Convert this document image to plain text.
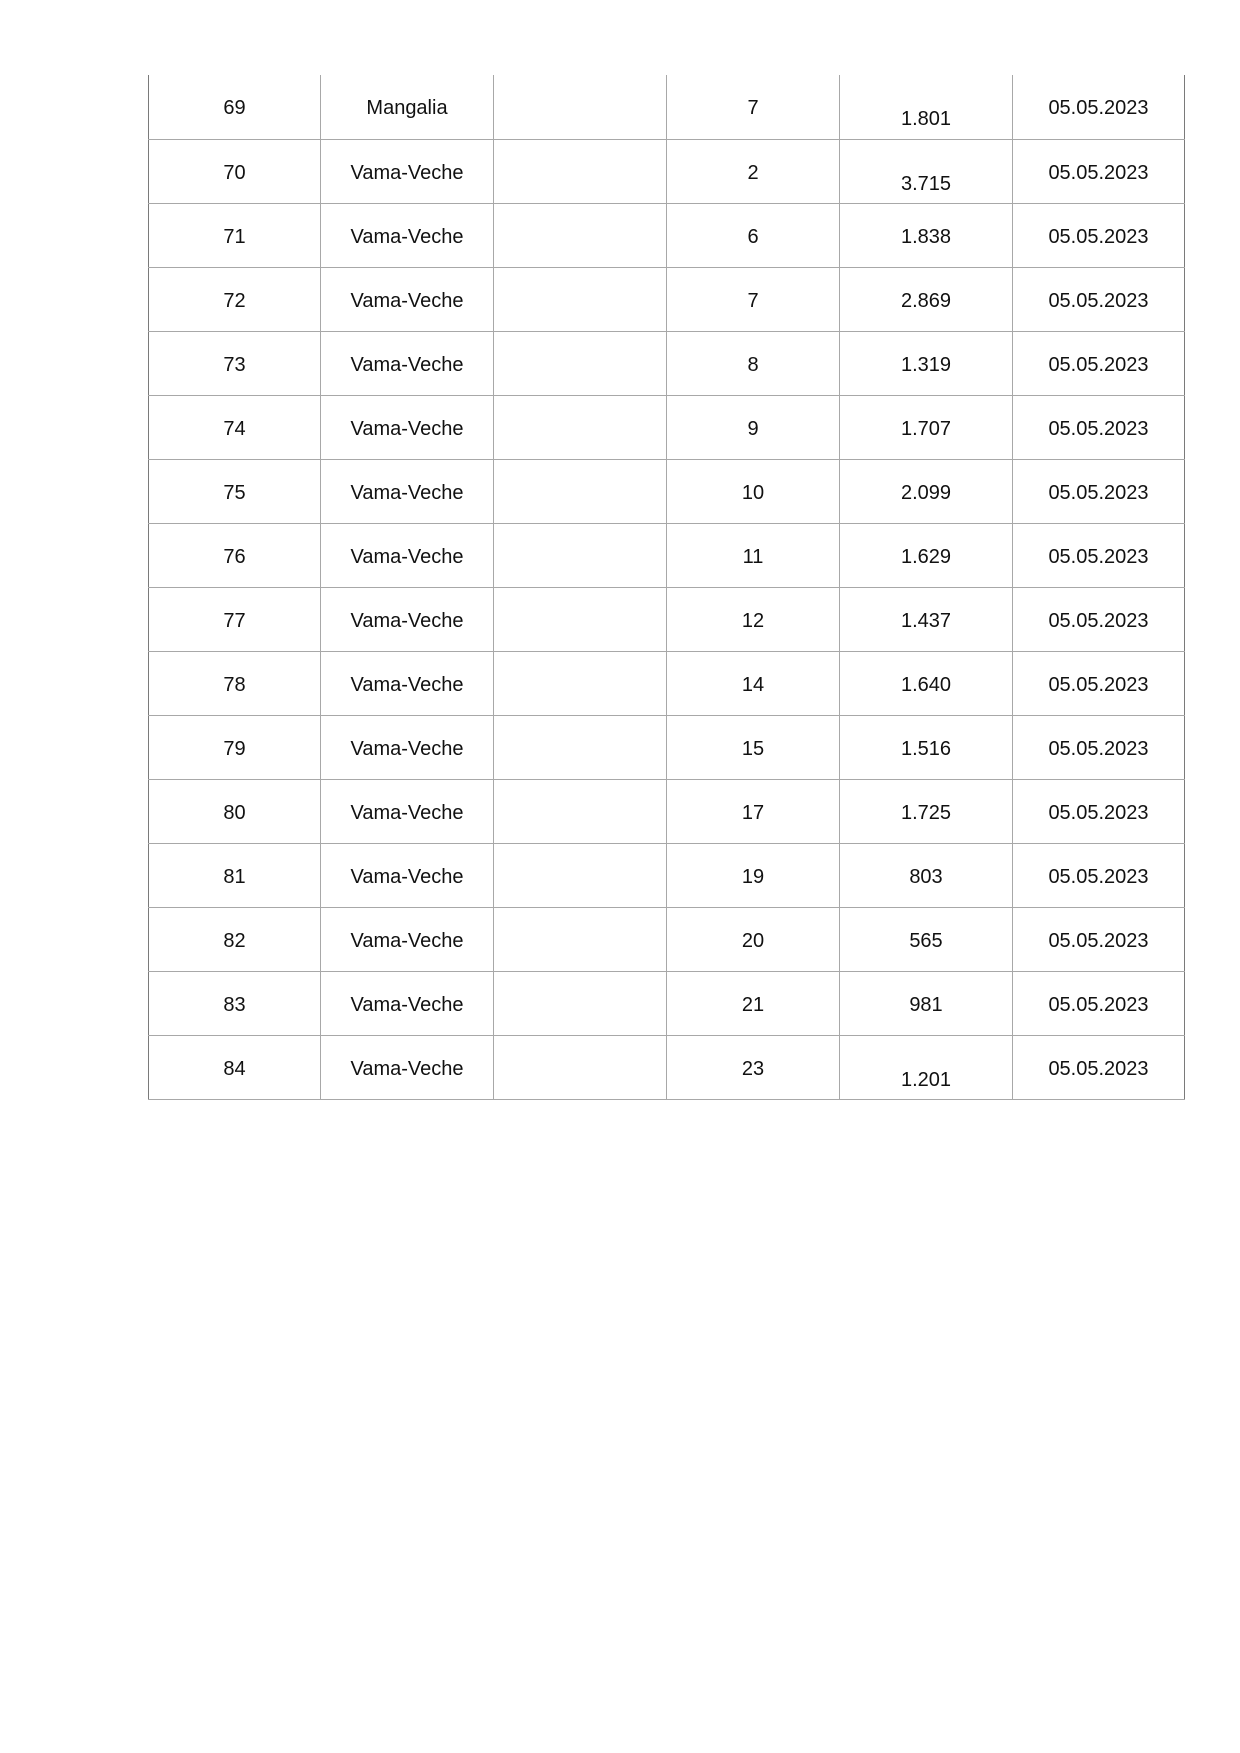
69	Mangalia		7	1.801	05.05.2023

70	Vama-Veche		2	3.715	05.05.2023

71	Vama-Veche		6	1.838	05.05.2023

72	Vama-Veche		7	2.869	05.05.2023

73	Vama-Veche		8	1.319	05.05.2023

74	Vama-Veche		9	1.707	05.05.2023

75	Vama-Veche		10	2.099	05.05.2023

76	Vama-Veche		11	1.629	05.05.2023

77	Vama-Veche		12	1.437	05.05.2023

78	Vama-Veche		14	1.640	05.05.2023

79	Vama-Veche		15	1.516	05.05.2023

80	Vama-Veche		17	1.725	05.05.2023

81	Vama-Veche		19	803	05.05.2023

82	Vama-Veche		20	565	05.05.2023

83	Vama-Veche		21	981	05.05.2023

84	Vama-Veche		23	1.201	05.05.2023
